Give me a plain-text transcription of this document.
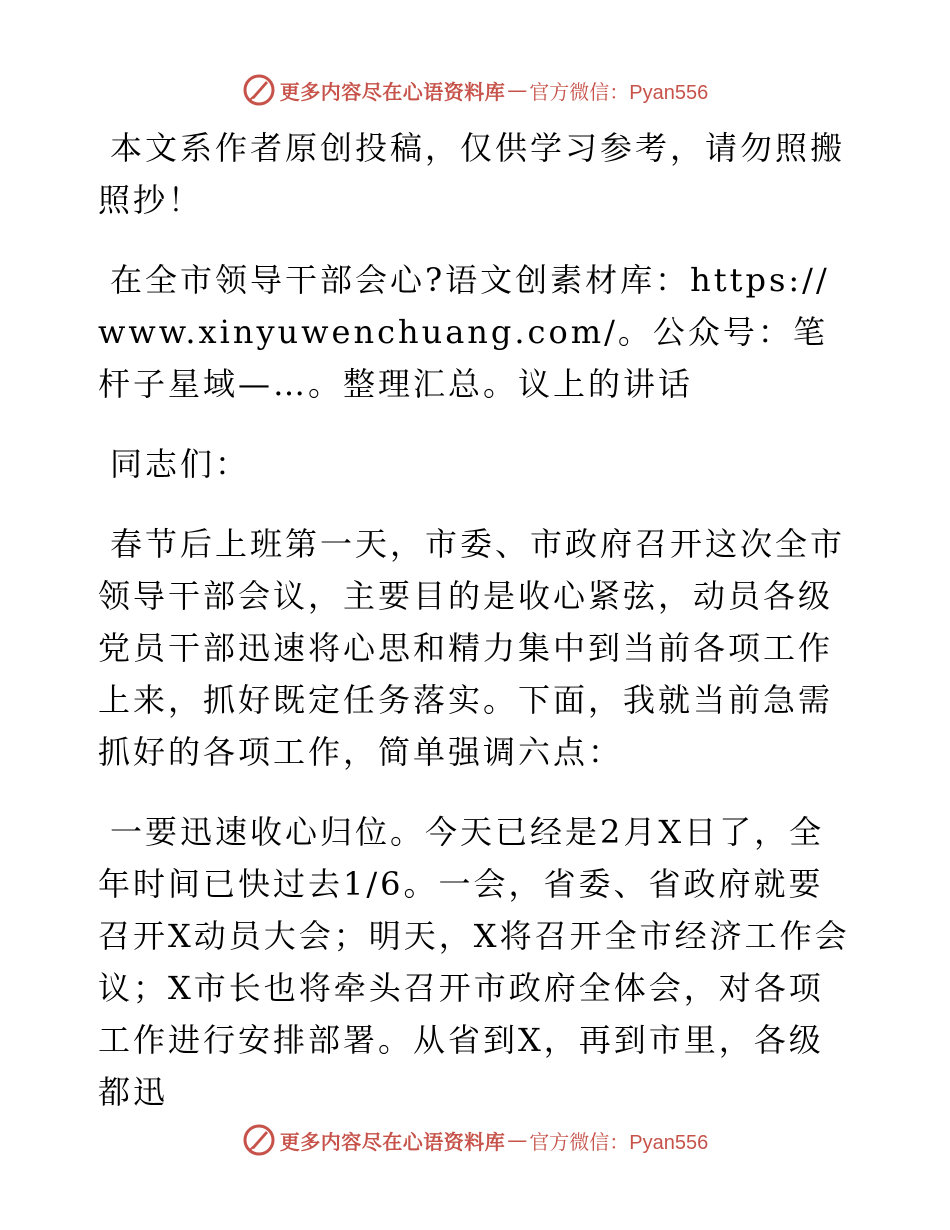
更多内容尽在心语资料库 — 官方微信：Pyan556

本文系作者原创投稿，仅供学习参考，请勿照搬照抄！

在全市领导干部会心?语文创素材库：https://www.xinyuwenchuang.com/。公众号：笔杆子星域—…。整理汇总。议上的讲话

同志们：

春节后上班第一天，市委、市政府召开这次全市领导干部会议，主要目的是收心紧弦，动员各级党员干部迅速将心思和精力集中到当前各项工作上来，抓好既定任务落实。下面，我就当前急需抓好的各项工作，简单强调六点：

一要迅速收心归位。今天已经是2月X日了，全年时间已快过去1/6。一会，省委、省政府就要召开X动员大会；明天，X将召开全市经济工作会议；X市长也将牵头召开市政府全体会，对各项工作进行安排部署。从省到X，再到市里，各级都迅

更多内容尽在心语资料库 — 官方微信：Pyan556
